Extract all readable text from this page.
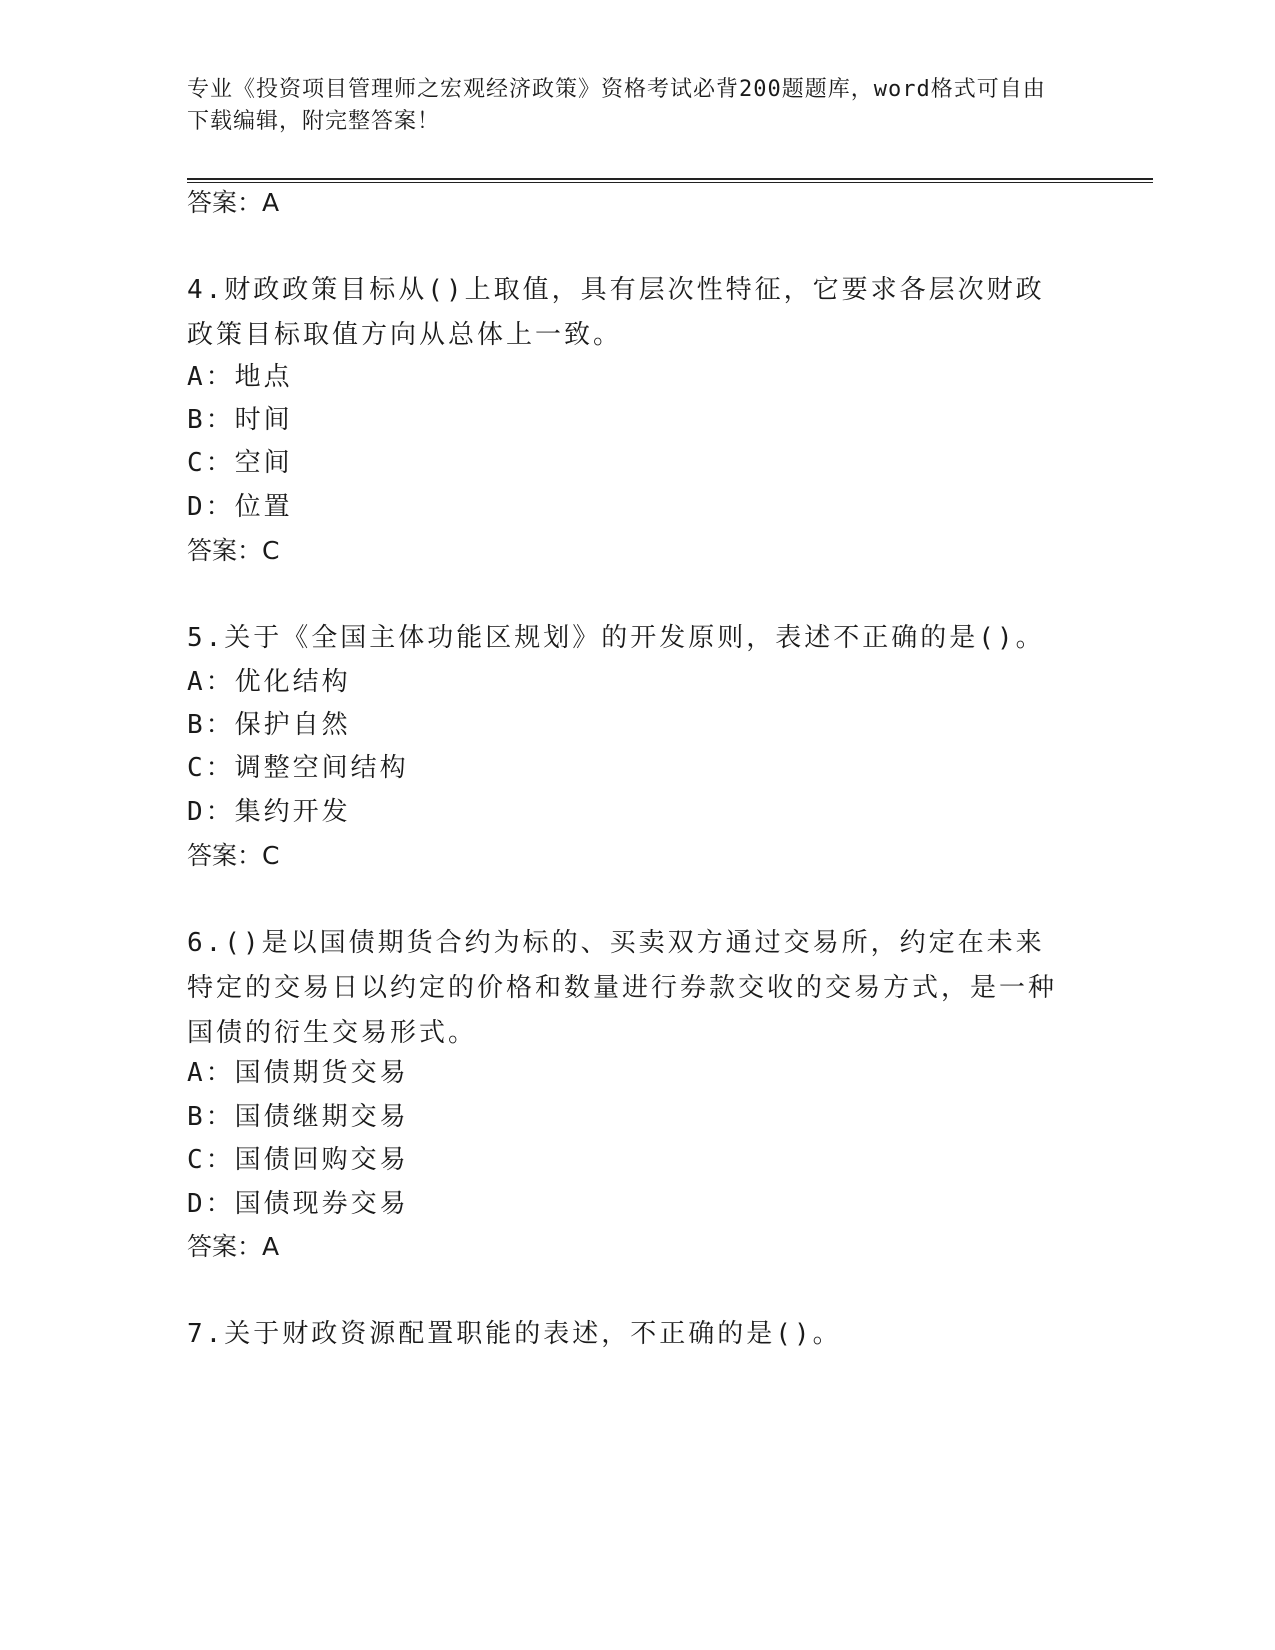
专业《投资项目管理师之宏观经济政策》资格考试必背200题题库，word格式可自由下载编辑，附完整答案！
答案：A
4.财政政策目标从()上取值，具有层次性特征，它要求各层次财政政策目标取值方向从总体上一致。
A：地点
B：时间
C：空间
D：位置
答案：C
5.关于《全国主体功能区规划》的开发原则，表述不正确的是()。
A：优化结构
B：保护自然
C：调整空间结构
D：集约开发
答案：C
6.()是以国债期货合约为标的、买卖双方通过交易所，约定在未来特定的交易日以约定的价格和数量进行券款交收的交易方式，是一种国债的衍生交易形式。
A：国债期货交易
B：国债继期交易
C：国债回购交易
D：国债现券交易
答案：A
7.关于财政资源配置职能的表述，不正确的是()。
